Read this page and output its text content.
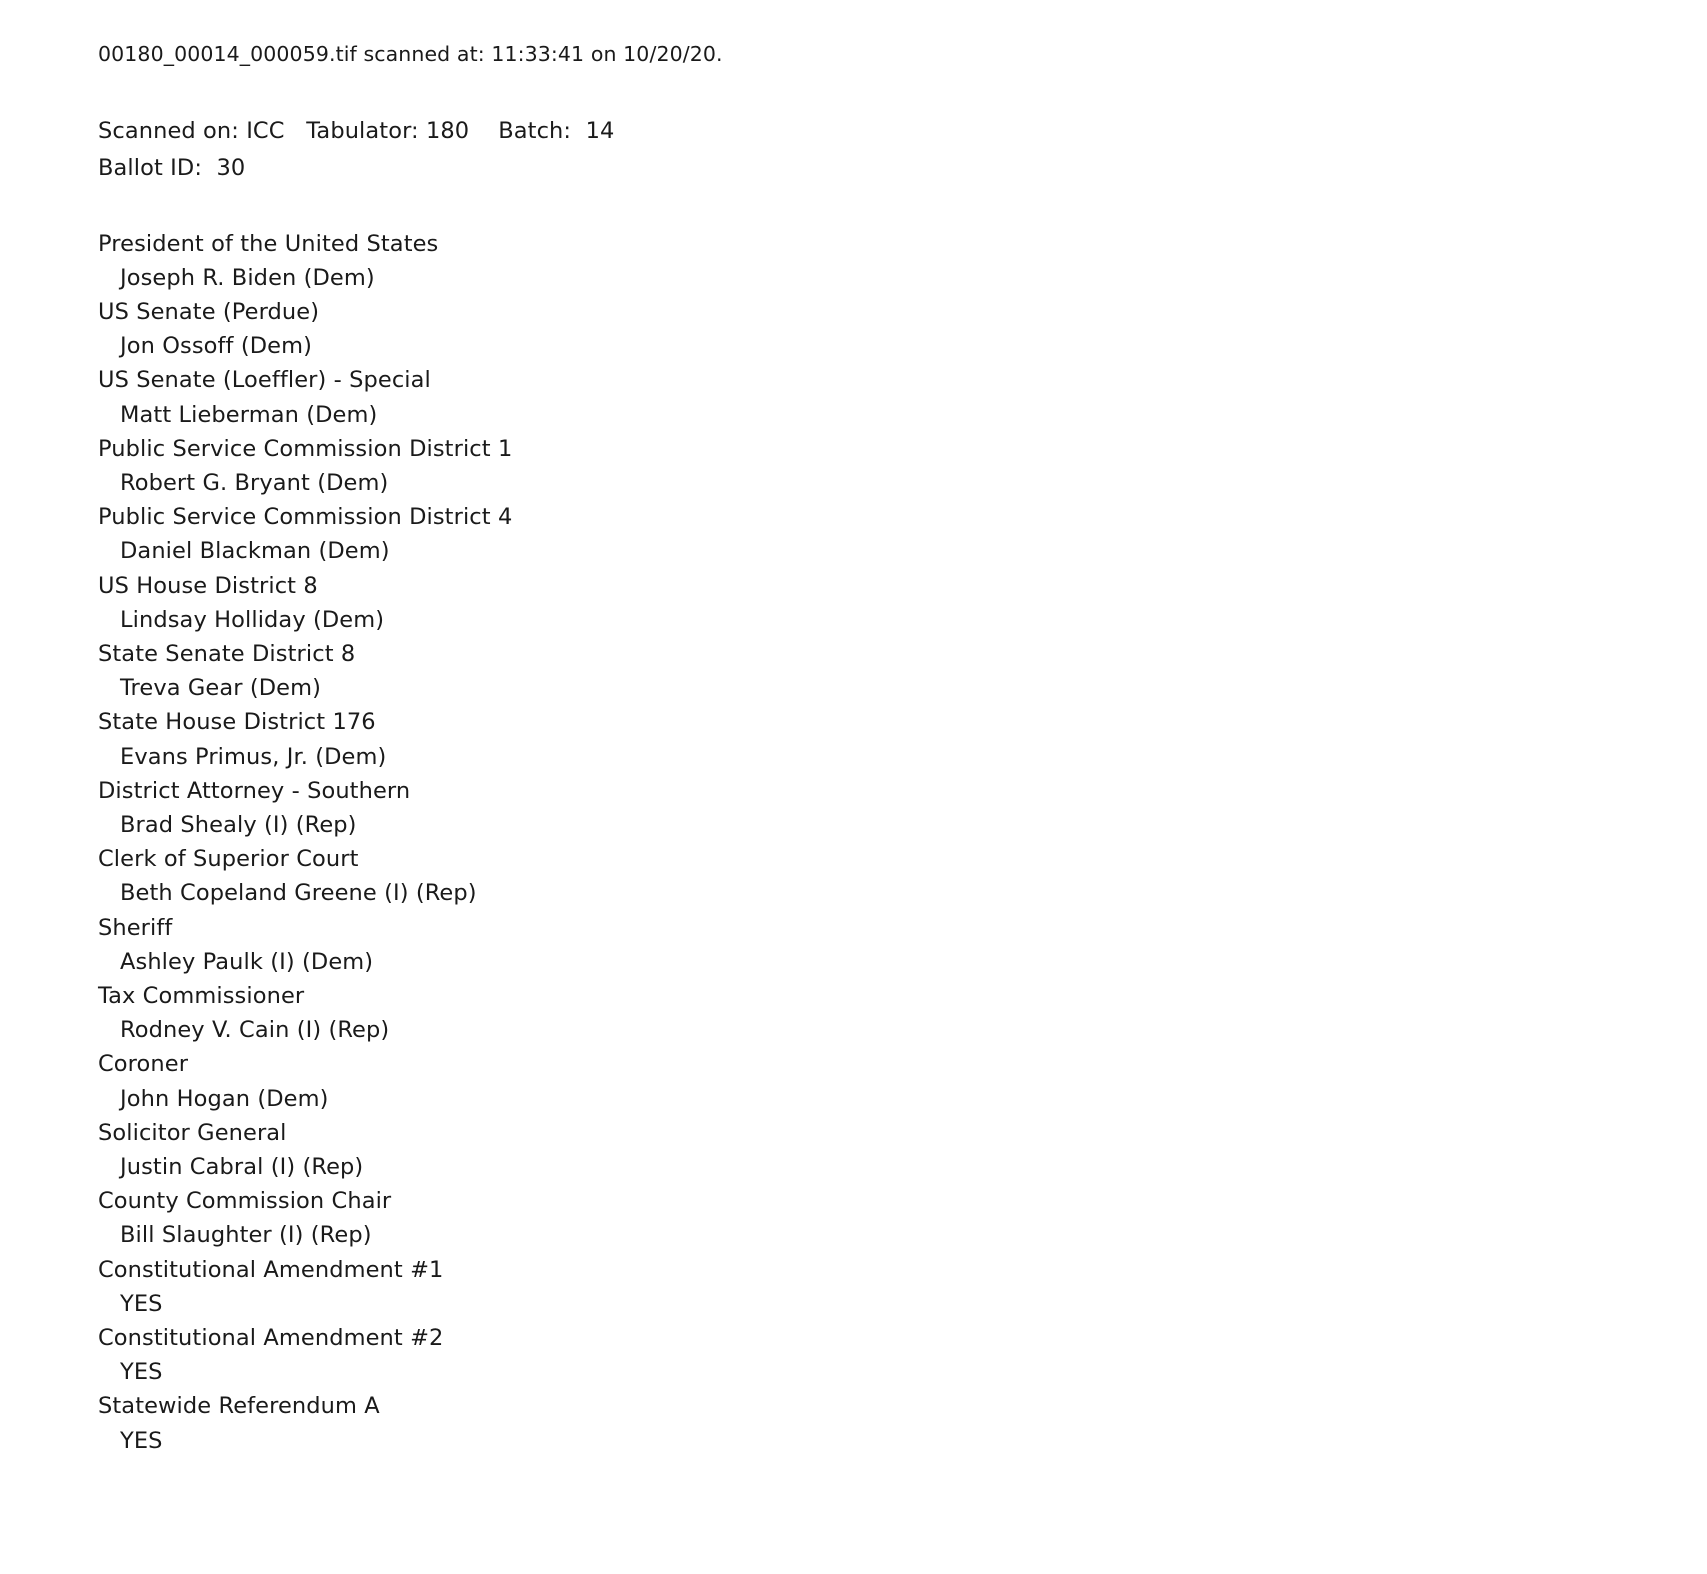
00180_00014_000059.tif scanned at: 11:33:41 on 10/20/20.
Scanned on: ICC   Tabulator: 180    Batch:  14
Ballot ID:  30
President of the United States
Joseph R. Biden (Dem)
US Senate (Perdue)
Jon Ossoff (Dem)
US Senate (Loeffler) - Special
Matt Lieberman (Dem)
Public Service Commission District 1
Robert G. Bryant (Dem)
Public Service Commission District 4
Daniel Blackman (Dem)
US House District 8
Lindsay Holliday (Dem)
State Senate District 8
Treva Gear (Dem)
State House District 176
Evans Primus, Jr. (Dem)
District Attorney - Southern
Brad Shealy (I) (Rep)
Clerk of Superior Court
Beth Copeland Greene (I) (Rep)
Sheriff
Ashley Paulk (I) (Dem)
Tax Commissioner
Rodney V. Cain (I) (Rep)
Coroner
John Hogan (Dem)
Solicitor General
Justin Cabral (I) (Rep)
County Commission Chair
Bill Slaughter (I) (Rep)
Constitutional Amendment #1
YES
Constitutional Amendment #2
YES
Statewide Referendum A
YES
